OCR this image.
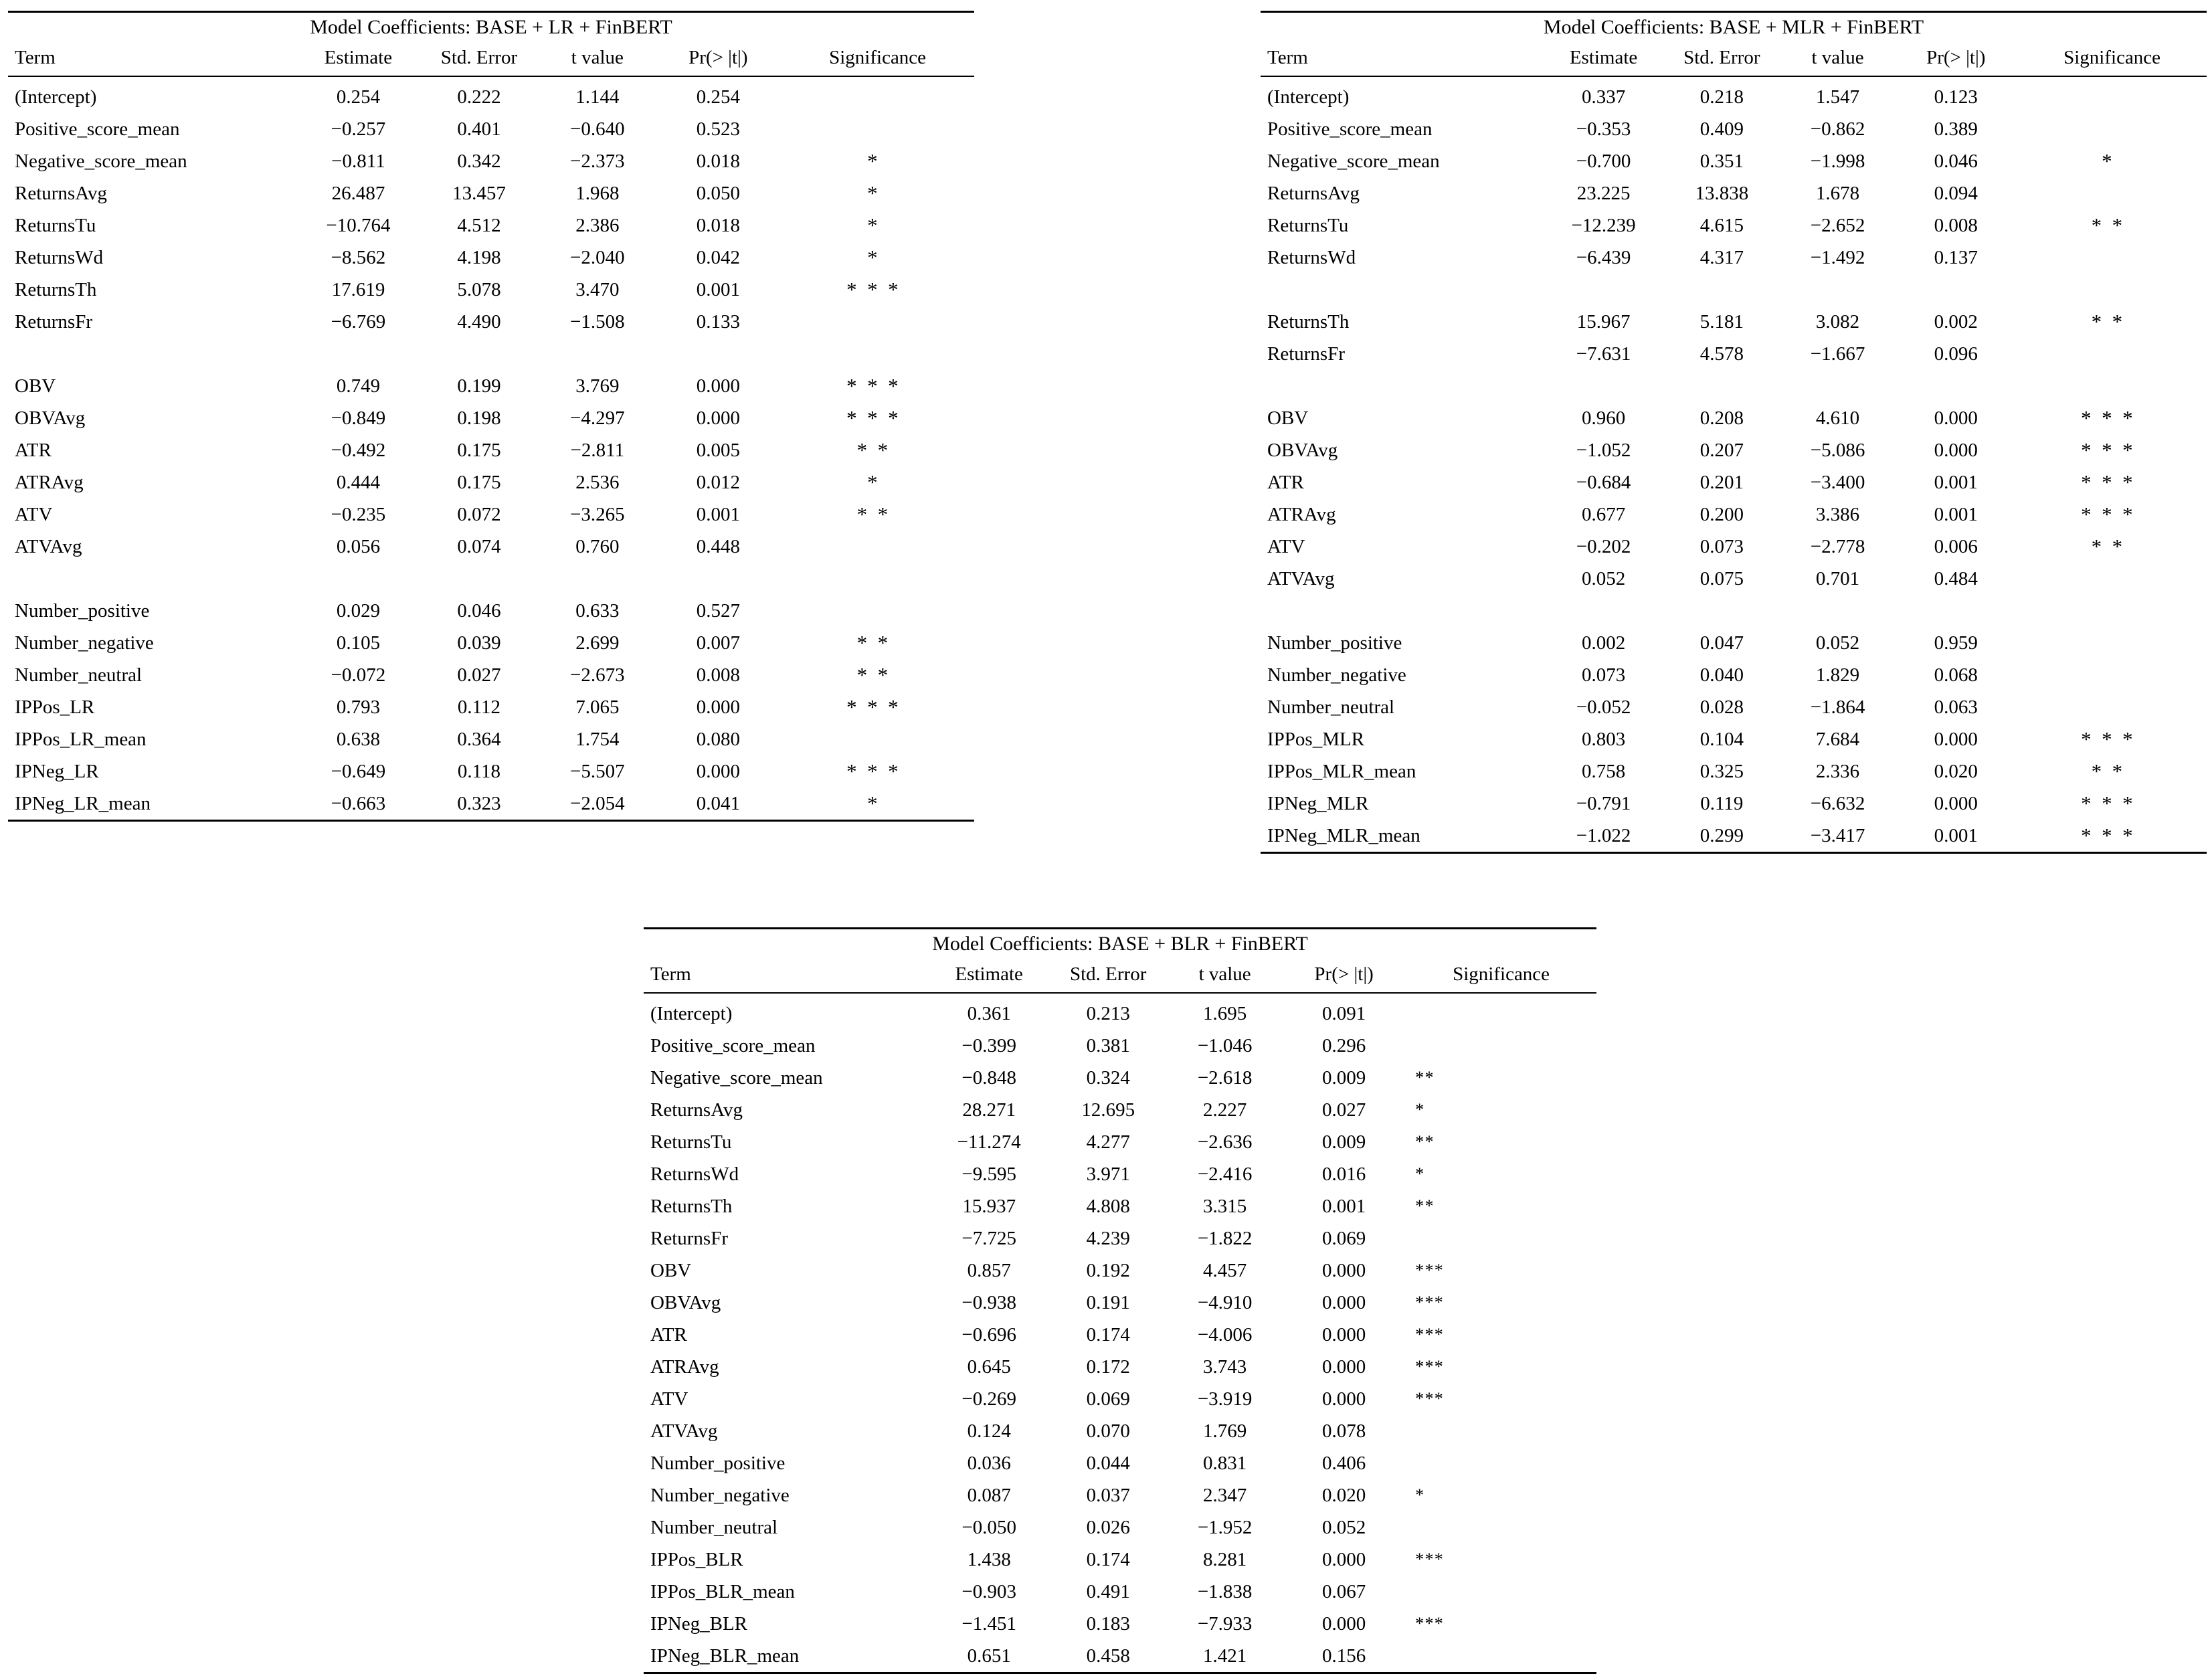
Model Coefficients: BASE + LR + FinBERT
Term	Estimate	Std. Error	t value	Pr(> |t|)	Significance
(Intercept)	0.254	0.222	1.144	0.254	
Positive_score_mean	−0.257	0.401	−0.640	0.523	
Negative_score_mean	−0.811	0.342	−2.373	0.018	*
ReturnsAvg	26.487	13.457	1.968	0.050	*
ReturnsTu	−10.764	4.512	2.386	0.018	*
ReturnsWd	−8.562	4.198	−2.040	0.042	*
ReturnsTh	17.619	5.078	3.470	0.001	***
ReturnsFr	−6.769	4.490	−1.508	0.133	

OBV	0.749	0.199	3.769	0.000	***
OBVAvg	−0.849	0.198	−4.297	0.000	***
ATR	−0.492	0.175	−2.811	0.005	**
ATRAvg	0.444	0.175	2.536	0.012	*
ATV	−0.235	0.072	−3.265	0.001	**
ATVAvg	0.056	0.074	0.760	0.448	

Number_positive	0.029	0.046	0.633	0.527	
Number_negative	0.105	0.039	2.699	0.007	**
Number_neutral	−0.072	0.027	−2.673	0.008	**
IPPos_LR	0.793	0.112	7.065	0.000	***
IPPos_LR_mean	0.638	0.364	1.754	0.080	
IPNeg_LR	−0.649	0.118	−5.507	0.000	***
IPNeg_LR_mean	−0.663	0.323	−2.054	0.041	*
Model Coefficients: BASE + MLR + FinBERT
Term	Estimate	Std. Error	t value	Pr(> |t|)	Significance
(Intercept)	0.337	0.218	1.547	0.123	
Positive_score_mean	−0.353	0.409	−0.862	0.389	
Negative_score_mean	−0.700	0.351	−1.998	0.046	*
ReturnsAvg	23.225	13.838	1.678	0.094	
ReturnsTu	−12.239	4.615	−2.652	0.008	**
ReturnsWd	−6.439	4.317	−1.492	0.137	

ReturnsTh	15.967	5.181	3.082	0.002	**
ReturnsFr	−7.631	4.578	−1.667	0.096	

OBV	0.960	0.208	4.610	0.000	***
OBVAvg	−1.052	0.207	−5.086	0.000	***
ATR	−0.684	0.201	−3.400	0.001	***
ATRAvg	0.677	0.200	3.386	0.001	***
ATV	−0.202	0.073	−2.778	0.006	**
ATVAvg	0.052	0.075	0.701	0.484	

Number_positive	0.002	0.047	0.052	0.959	
Number_negative	0.073	0.040	1.829	0.068	
Number_neutral	−0.052	0.028	−1.864	0.063	
IPPos_MLR	0.803	0.104	7.684	0.000	***
IPPos_MLR_mean	0.758	0.325	2.336	0.020	**
IPNeg_MLR	−0.791	0.119	−6.632	0.000	***
IPNeg_MLR_mean	−1.022	0.299	−3.417	0.001	***
Model Coefficients: BASE + BLR + FinBERT
Term	Estimate	Std. Error	t value	Pr(> |t|)	Significance
(Intercept)	0.361	0.213	1.695	0.091	
Positive_score_mean	−0.399	0.381	−1.046	0.296	
Negative_score_mean	−0.848	0.324	−2.618	0.009	**
ReturnsAvg	28.271	12.695	2.227	0.027	*
ReturnsTu	−11.274	4.277	−2.636	0.009	**
ReturnsWd	−9.595	3.971	−2.416	0.016	*
ReturnsTh	15.937	4.808	3.315	0.001	**
ReturnsFr	−7.725	4.239	−1.822	0.069	
OBV	0.857	0.192	4.457	0.000	***
OBVAvg	−0.938	0.191	−4.910	0.000	***
ATR	−0.696	0.174	−4.006	0.000	***
ATRAvg	0.645	0.172	3.743	0.000	***
ATV	−0.269	0.069	−3.919	0.000	***
ATVAvg	0.124	0.070	1.769	0.078	
Number_positive	0.036	0.044	0.831	0.406	
Number_negative	0.087	0.037	2.347	0.020	*
Number_neutral	−0.050	0.026	−1.952	0.052	
IPPos_BLR	1.438	0.174	8.281	0.000	***
IPPos_BLR_mean	−0.903	0.491	−1.838	0.067	
IPNeg_BLR	−1.451	0.183	−7.933	0.000	***
IPNeg_BLR_mean	0.651	0.458	1.421	0.156	
